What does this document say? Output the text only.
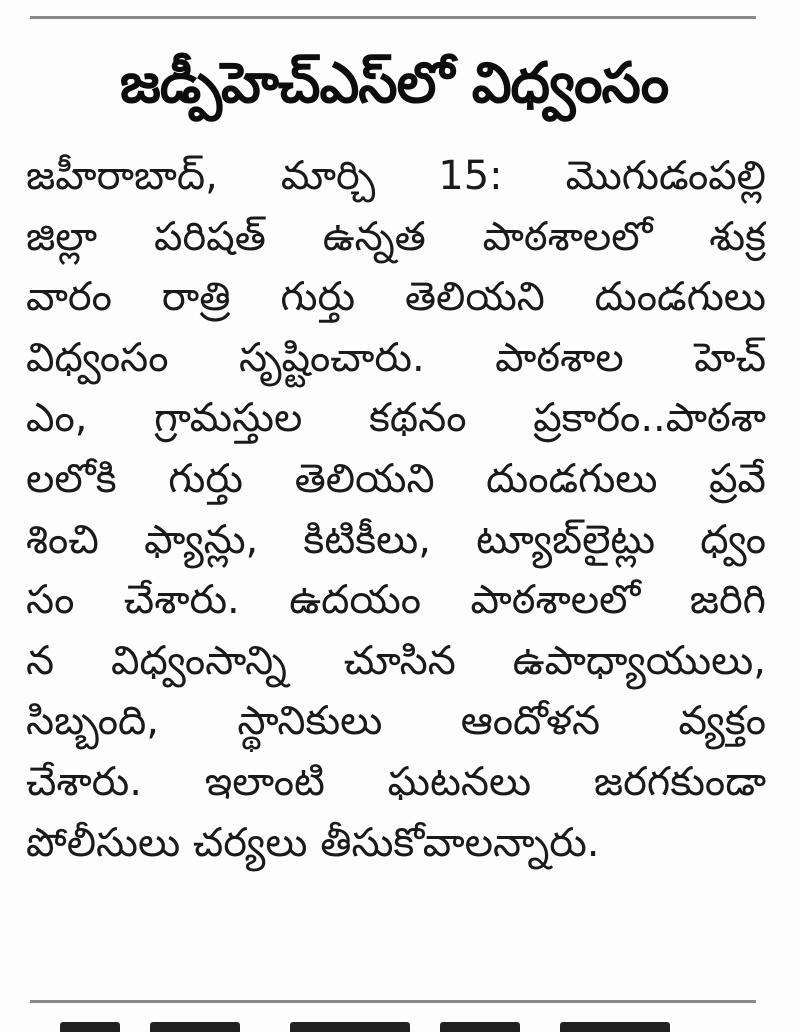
జడ్పీహెచ్ఎస్‌లో విధ్వంసం
జహీరాబాద్, మార్చి 15: మొగుడంపల్లి
జిల్లా పరిషత్ ఉన్నత పాఠశాలలో శుక్ర
వారం రాత్రి గుర్తు తెలియని దుండగులు
విధ్వంసం సృష్టించారు. పాఠశాల హెచ్
ఎం, గ్రామస్తుల కథనం ప్రకారం..పాఠశా
లలోకి గుర్తు తెలియని దుండగులు ప్రవే
శించి ఫ్యాన్లు, కిటికీలు, ట్యూబ్‌లైట్లు ధ్వం
సం చేశారు. ఉదయం పాఠశాలలో జరిగి
న విధ్వంసాన్ని చూసిన ఉపాధ్యాయులు,
సిబ్బంది, స్థానికులు ఆందోళన వ్యక్తం
చేశారు. ఇలాంటి ఘటనలు జరగకుండా
పోలీసులు చర్యలు తీసుకోవాలన్నారు.
